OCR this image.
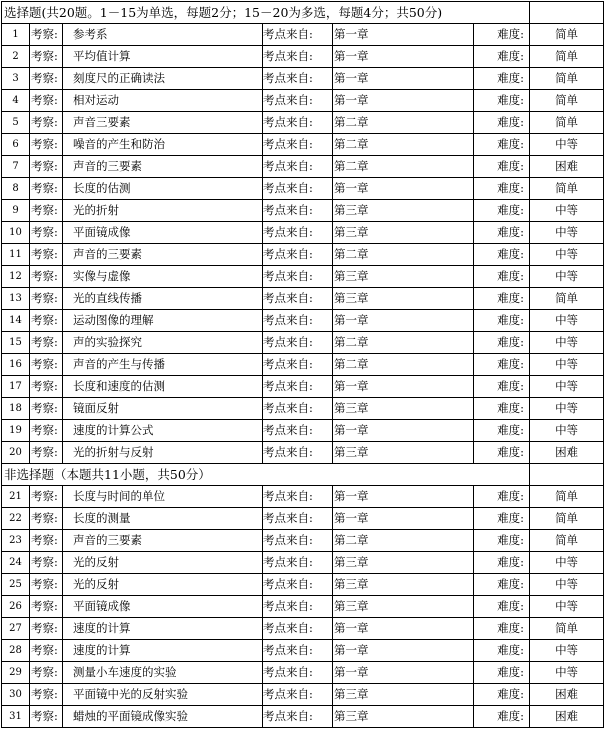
选择题(共20题。1－15为单选，每题2分；15－20为多选，每题4分；共50分)						
1	考察:	参考系	考点来自:	第一章	难度:	简单
2	考察:	平均值计算	考点来自:	第一章	难度:	简单
3	考察:	刻度尺的正确读法	考点来自:	第一章	难度:	简单
4	考察:	相对运动	考点来自:	第一章	难度:	简单
5	考察:	声音三要素	考点来自:	第二章	难度:	简单
6	考察:	噪音的产生和防治	考点来自:	第二章	难度:	中等
7	考察:	声音的三要素	考点来自:	第二章	难度:	困难
8	考察:	长度的估测	考点来自:	第一章	难度:	简单
9	考察:	光的折射	考点来自:	第三章	难度:	中等
10	考察:	平面镜成像	考点来自:	第三章	难度:	中等
11	考察:	声音的三要素	考点来自:	第二章	难度:	中等
12	考察:	实像与虚像	考点来自:	第三章	难度:	中等
13	考察:	光的直线传播	考点来自:	第三章	难度:	简单
14	考察:	运动图像的理解	考点来自:	第一章	难度:	中等
15	考察:	声的实验探究	考点来自:	第二章	难度:	中等
16	考察:	声音的产生与传播	考点来自:	第二章	难度:	中等
17	考察:	长度和速度的估测	考点来自:	第一章	难度:	中等
18	考察:	镜面反射	考点来自:	第三章	难度:	中等
19	考察:	速度的计算公式	考点来自:	第一章	难度:	中等
20	考察:	光的折射与反射	考点来自:	第三章	难度:	困难
非选择题（本题共11小题，共50分）						
21	考察:	长度与时间的单位	考点来自:	第一章	难度:	简单
22	考察:	长度的测量	考点来自:	第一章	难度:	简单
23	考察:	声音的三要素	考点来自:	第二章	难度:	简单
24	考察:	光的反射	考点来自:	第三章	难度:	中等
25	考察:	光的反射	考点来自:	第三章	难度:	中等
26	考察:	平面镜成像	考点来自:	第三章	难度:	中等
27	考察:	速度的计算	考点来自:	第一章	难度:	简单
28	考察:	速度的计算	考点来自:	第一章	难度:	中等
29	考察:	测量小车速度的实验	考点来自:	第一章	难度:	中等
30	考察:	平面镜中光的反射实验	考点来自:	第三章	难度:	困难
31	考察:	蜡烛的平面镜成像实验	考点来自:	第三章	难度:	困难
